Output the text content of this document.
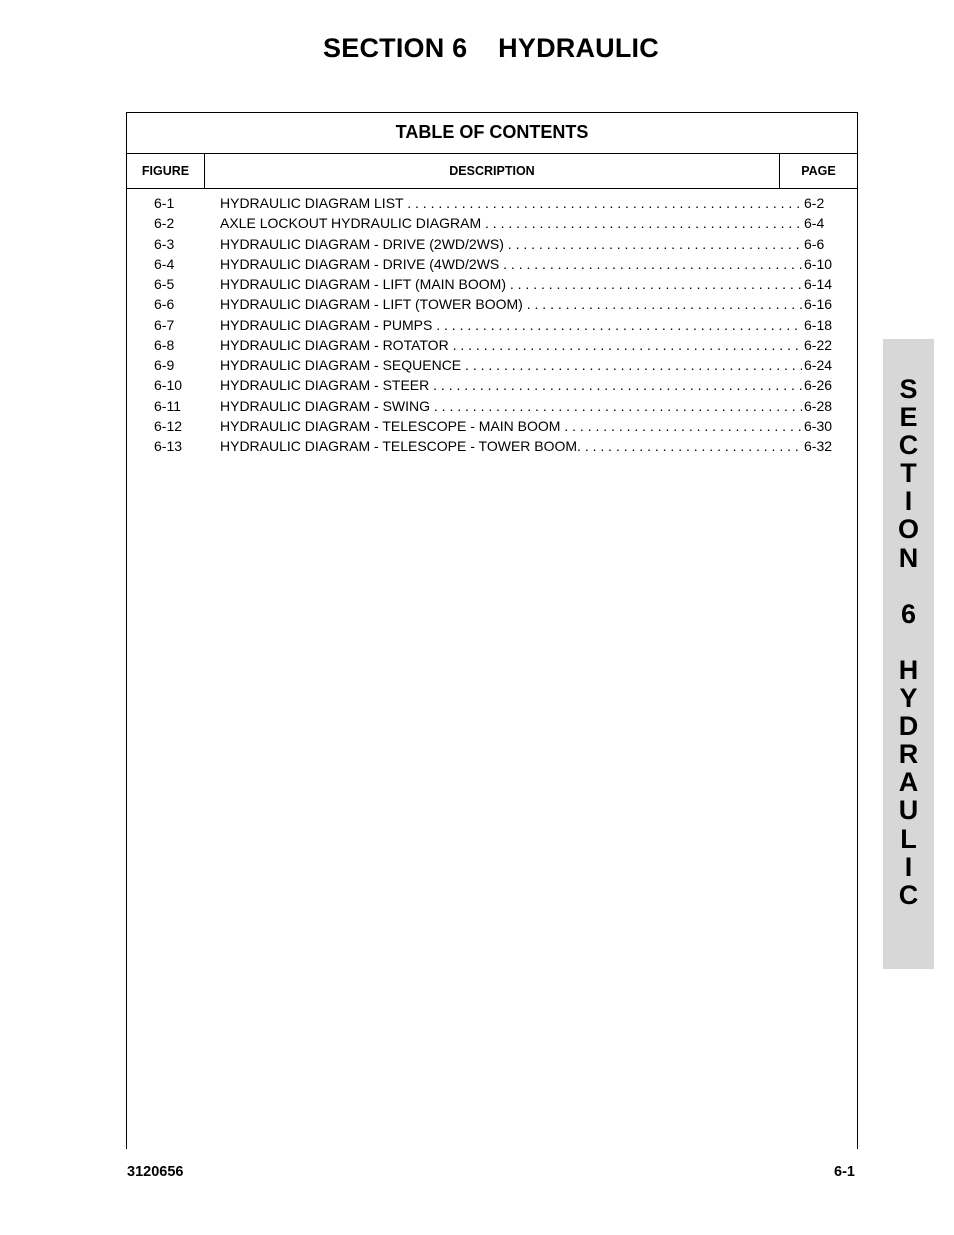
SECTION 6    HYDRAULIC
TABLE OF CONTENTS
FIGURE	DESCRIPTION	PAGE
6-1	HYDRAULIC DIAGRAM LIST . . .	6-2
6-2	AXLE LOCKOUT HYDRAULIC DIAGRAM . . .	6-4
6-3	HYDRAULIC DIAGRAM - DRIVE (2WD/2WS) . . .	6-6
6-4	HYDRAULIC DIAGRAM - DRIVE (4WD/2WS . . .	6-10
6-5	HYDRAULIC DIAGRAM - LIFT (MAIN BOOM) . . .	6-14
6-6	HYDRAULIC DIAGRAM - LIFT (TOWER BOOM) . . .	6-16
6-7	HYDRAULIC DIAGRAM - PUMPS . . .	6-18
6-8	HYDRAULIC DIAGRAM - ROTATOR . . .	6-22
6-9	HYDRAULIC DIAGRAM - SEQUENCE . . .	6-24
6-10	HYDRAULIC DIAGRAM - STEER . . .	6-26
6-11	HYDRAULIC DIAGRAM - SWING . . .	6-28
6-12	HYDRAULIC DIAGRAM - TELESCOPE - MAIN BOOM . . .	6-30
6-13	HYDRAULIC DIAGRAM - TELESCOPE - TOWER BOOM. . . .	6-32
S
E
C
T
I
O
N
6
H
Y
D
R
A
U
L
I
C
3120656	6-1
